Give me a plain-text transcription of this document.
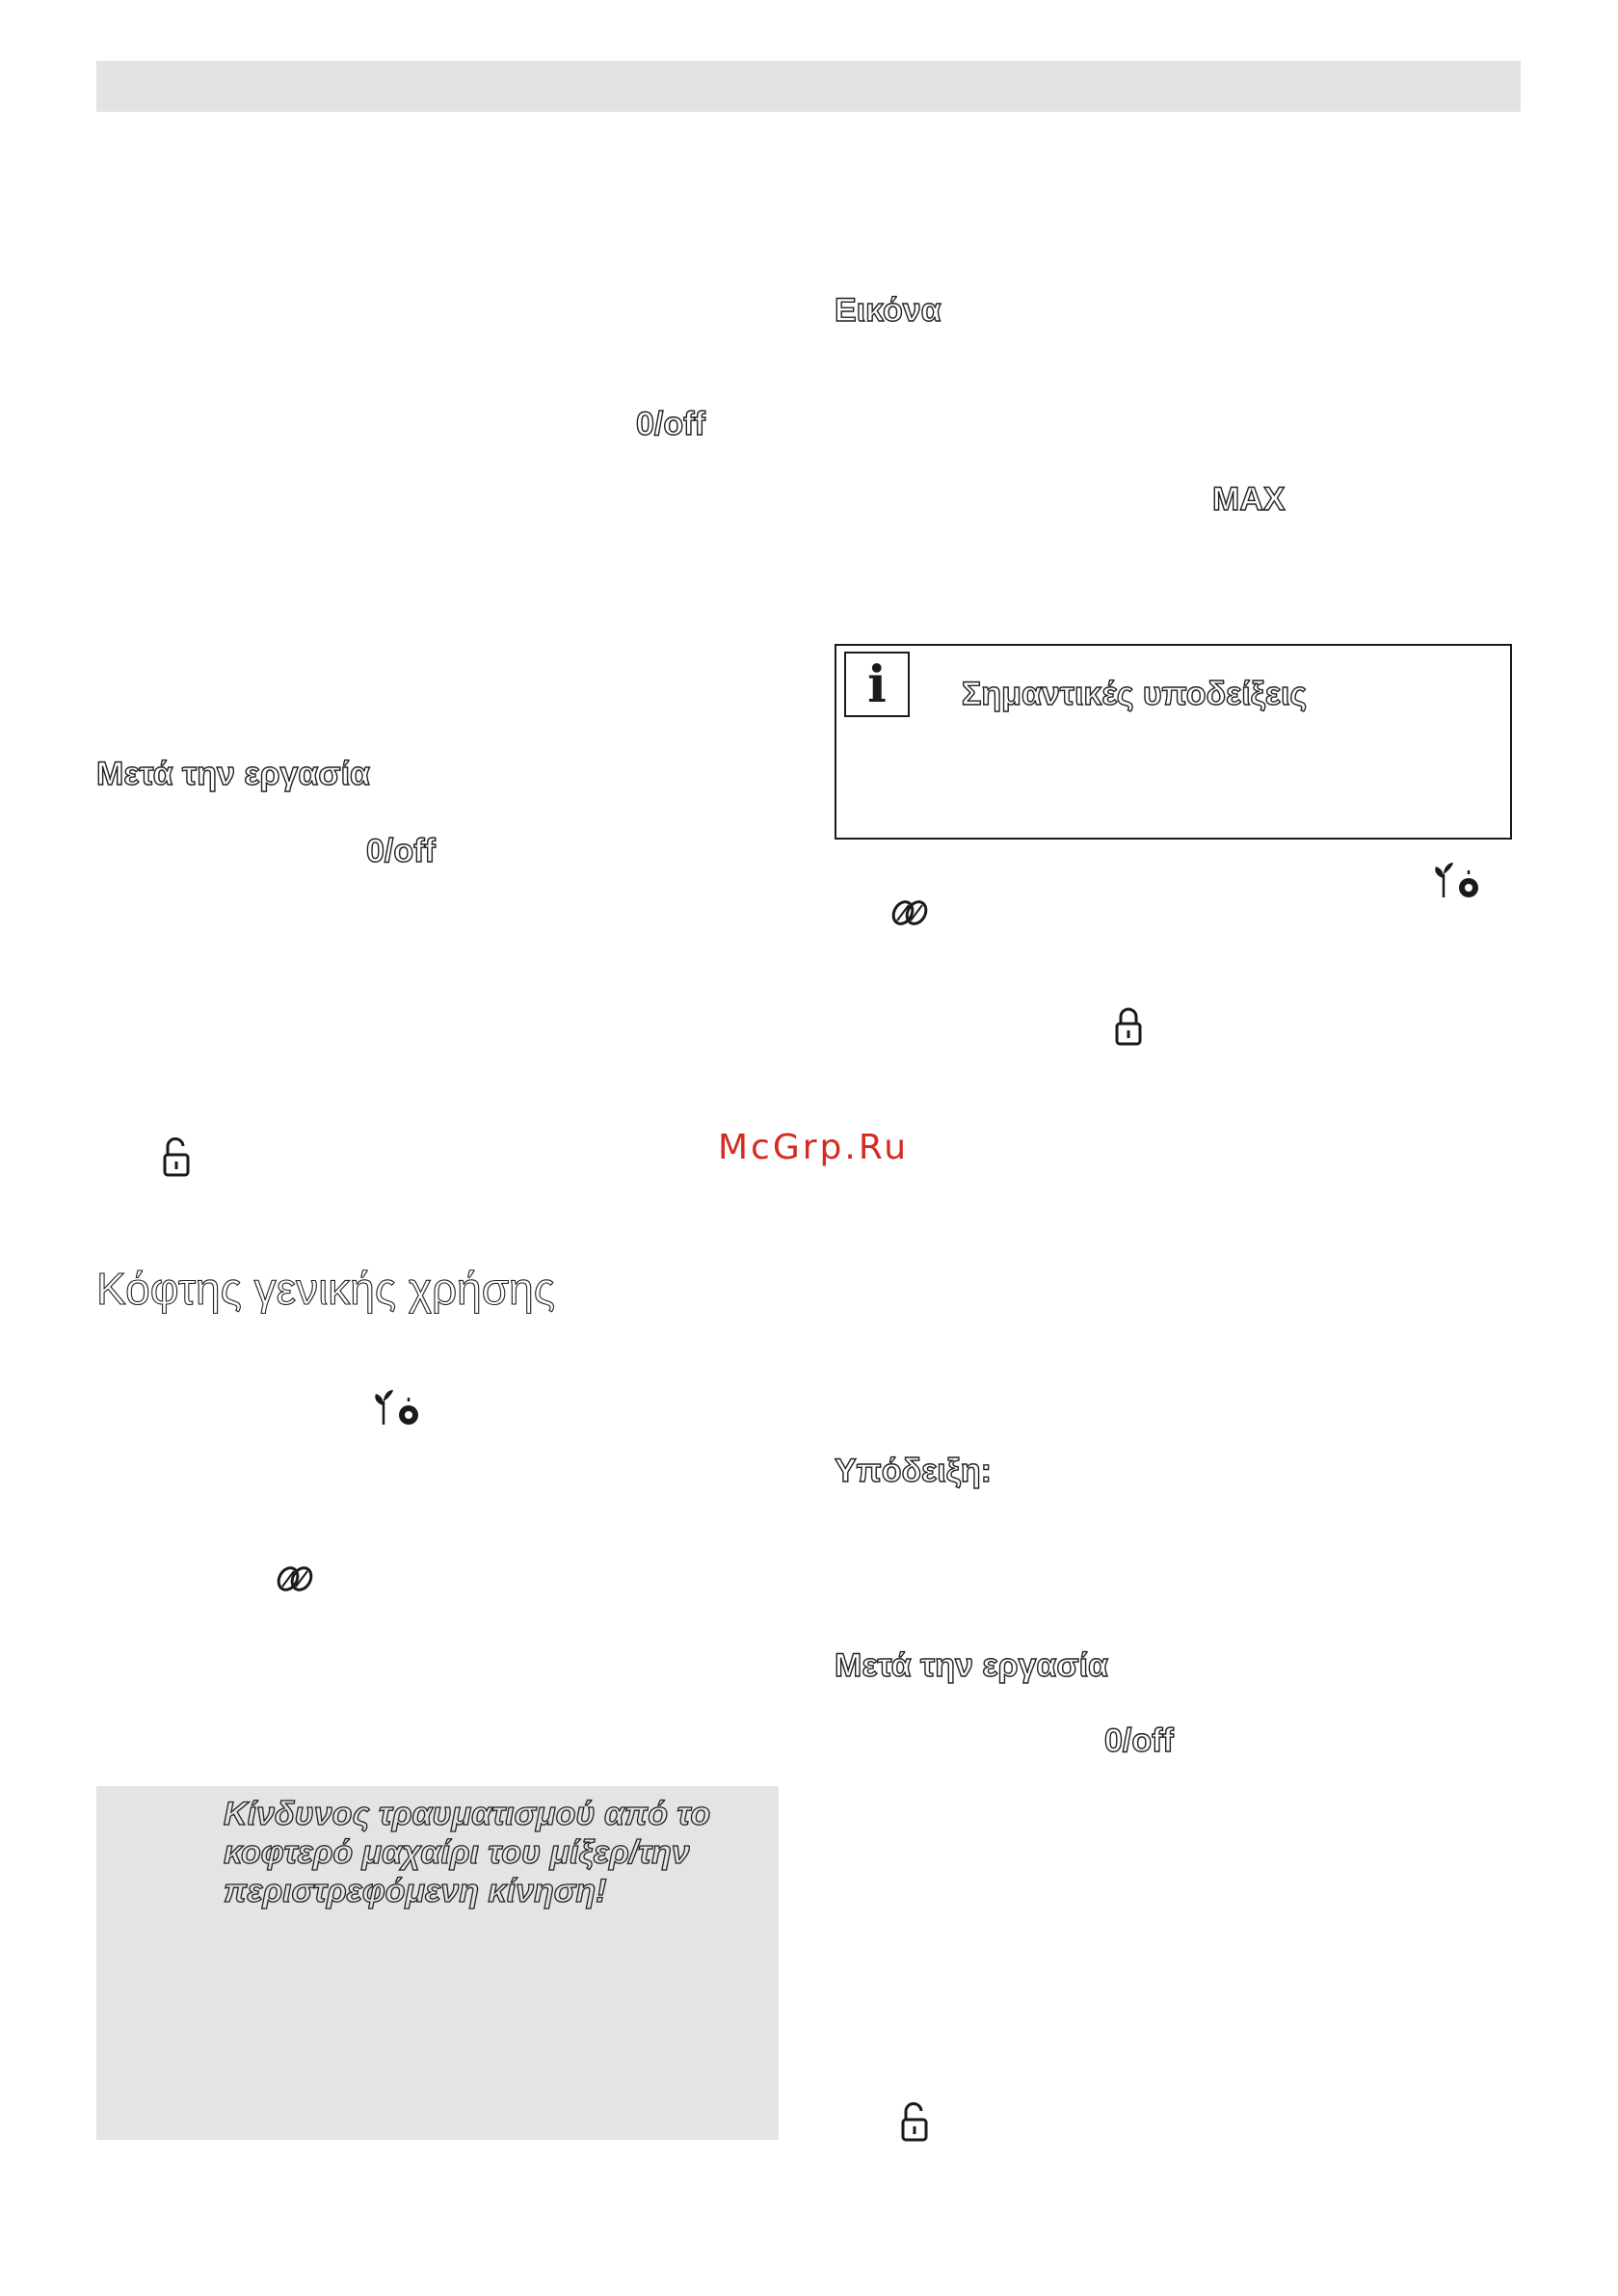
0/off
Μετά την εργασία
0/off
Κόφτης γενικής χρήσης
Κίνδυνος τραυματισμού από το κοφτερό μαχαίρι του μίξερ/την περιστρεφόμενη κίνηση!
McGrp.Ru
Εικόνα
MAX
i	Σημαντικές υποδείξεις
Υπόδειξη:
Μετά την εργασία
0/off
